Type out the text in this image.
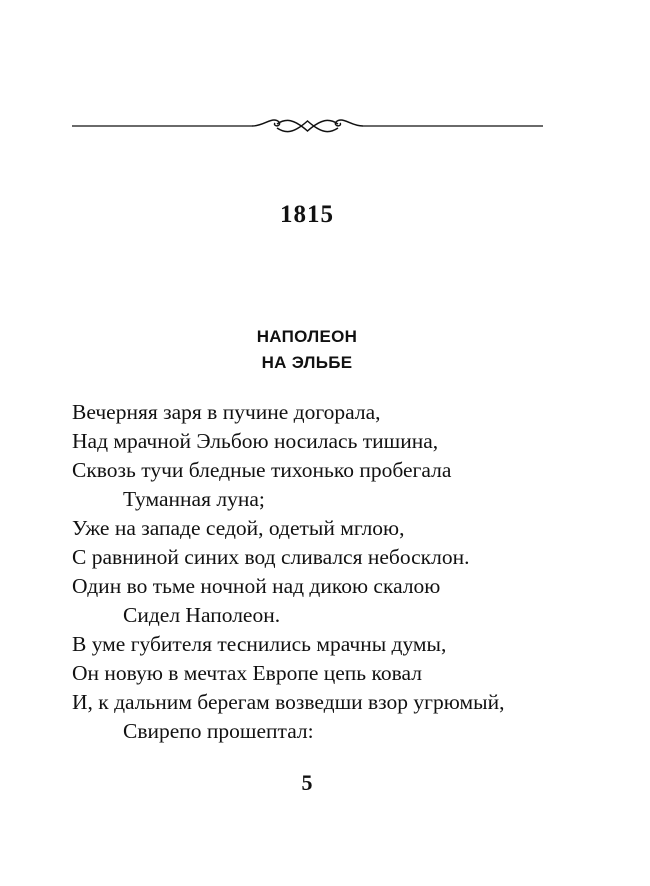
1815
НАПОЛЕОН
НА ЭЛЬБЕ
Вечерняя заря в пучине догорала,
Над мрачной Эльбою носилась тишина,
Сквозь тучи бледные тихонько пробегала
Туманная луна;
Уже на западе седой, одетый мглою,
С равниной синих вод сливался небосклон.
Один во тьме ночной над дикою скалою
Сидел Наполеон.
В уме губителя теснились мрачны думы,
Он новую в мечтах Европе цепь ковал
И, к дальним берегам возведши взор угрюмый,
Свирепо прошептал:
5
